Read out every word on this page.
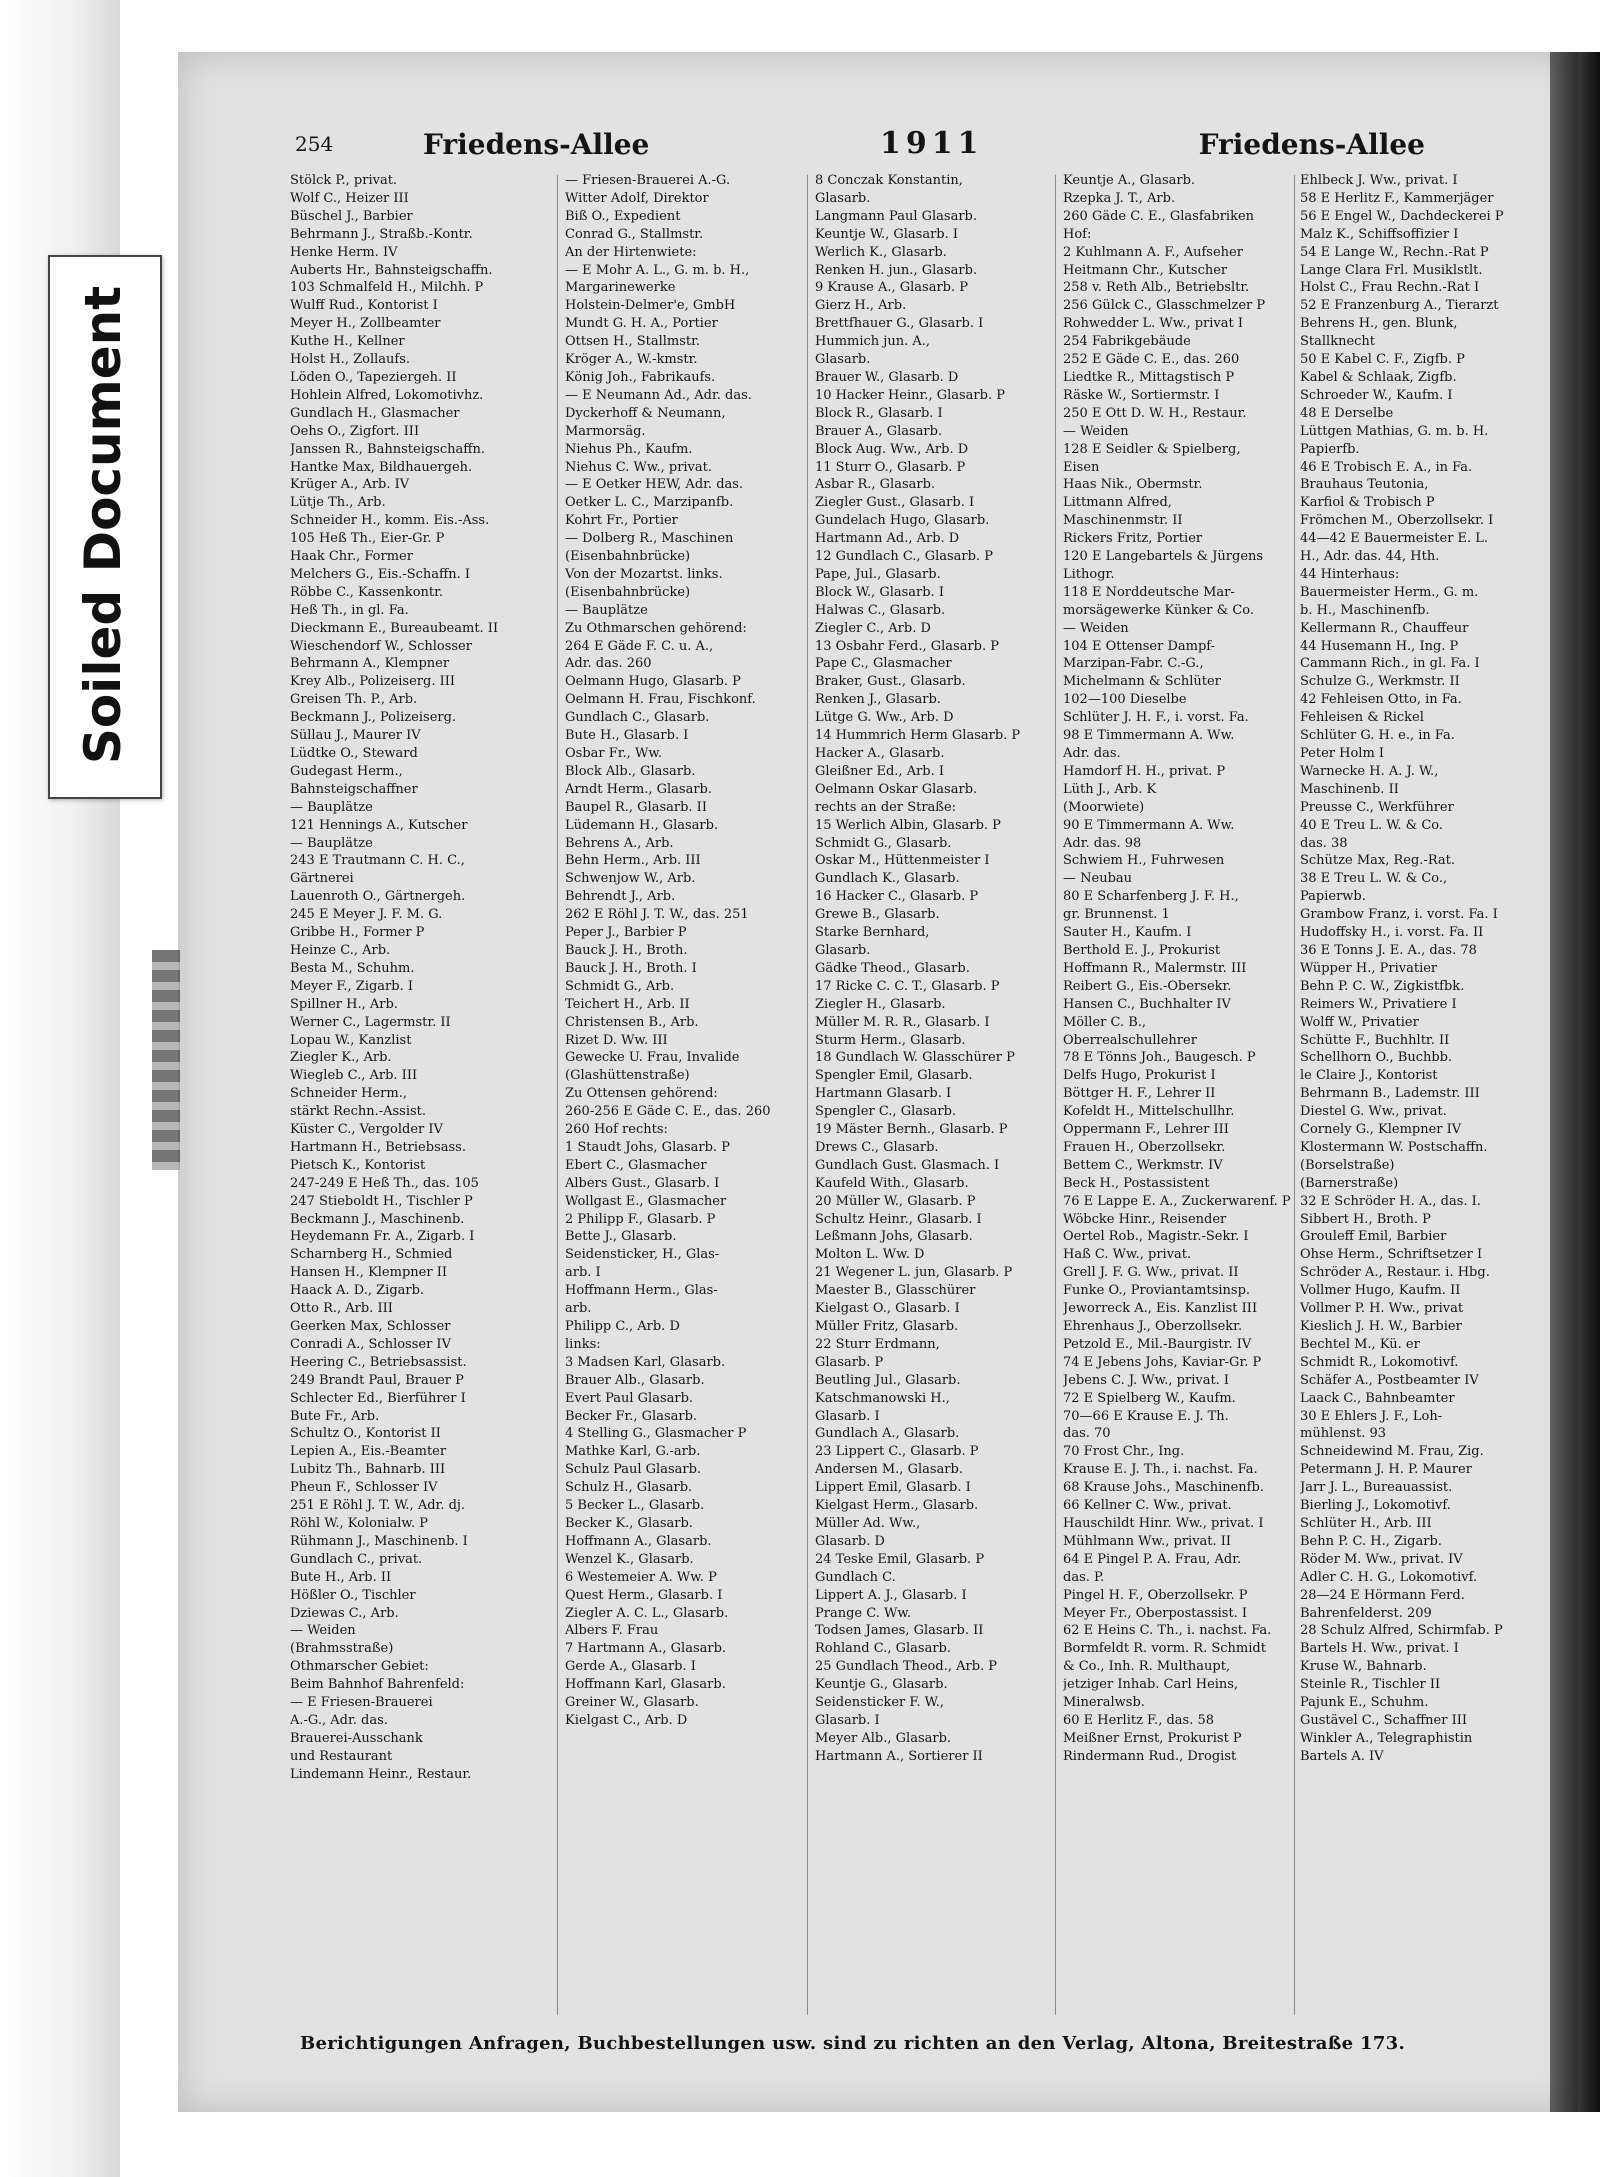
Soiled Document
254	Friedens-Allee	1911	Friedens-Allee
Stölck P., privat.
Wolf C., Heizer III
Büschel J., Barbier
Behrmann J., Straßb.-Kontr.
Henke Herm. IV
Auberts Hr., Bahnsteigschaffn.
103 Schmalfeld H., Milchh. P
Wulff Rud., Kontorist I
Meyer H., Zollbeamter
Kuthe H., Kellner
Holst H., Zollaufs.
Löden O., Tapeziergeh. II
Hohlein Alfred, Lokomotivhz.
Gundlach H., Glasmacher
Oehs O., Zigfort. III
Janssen R., Bahnsteigschaffn.
Hantke Max, Bildhauergeh.
Krüger A., Arb. IV
Lütje Th., Arb.
Schneider H., komm. Eis.-Ass.
105 Heß Th., Eier-Gr. P
Haak Chr., Former
Melchers G., Eis.-Schaffn. I
Röbbe C., Kassenkontr.
Heß Th., in gl. Fa.
Dieckmann E., Bureaubeamt. II
Wieschendorf W., Schlosser
Behrmann A., Klempner
Krey Alb., Polizeiserg. III
Greisen Th. P., Arb.
Beckmann J., Polizeiserg.
Süllau J., Maurer IV
Lüdtke O., Steward
Gudegast Herm.,
Bahnsteigschaffner
— Bauplätze
121 Hennings A., Kutscher
— Bauplätze
243 E Trautmann C. H. C.,
Gärtnerei
Lauenroth O., Gärtnergeh.
245 E Meyer J. F. M. G.
Gribbe H., Former P
Heinze C., Arb.
Besta M., Schuhm.
Meyer F., Zigarb. I
Spillner H., Arb.
Werner C., Lagermstr. II
Lopau W., Kanzlist
Ziegler K., Arb.
Wiegleb C., Arb. III
Schneider Herm.,
stärkt Rechn.-Assist.
Küster C., Vergolder IV
Hartmann H., Betriebsass.
Pietsch K., Kontorist
247-249 E Heß Th., das. 105
247 Stieboldt H., Tischler P
Beckmann J., Maschinenb.
Heydemann Fr. A., Zigarb. I
Scharnberg H., Schmied
Hansen H., Klempner II
Haack A. D., Zigarb.
Otto R., Arb. III
Geerken Max, Schlosser
Conradi A., Schlosser IV
Heering C., Betriebsassist.
249 Brandt Paul, Brauer P
Schlecter Ed., Bierführer I
Bute Fr., Arb.
Schultz O., Kontorist II
Lepien A., Eis.-Beamter
Lubitz Th., Bahnarb. III
Pheun F., Schlosser IV
251 E Röhl J. T. W., Adr. dj.
Röhl W., Kolonialw. P
Rühmann J., Maschinenb. I
Gundlach C., privat.
Bute H., Arb. II
Hößler O., Tischler
Dziewas C., Arb.
— Weiden
(Brahmsstraße)
Othmarscher Gebiet:
Beim Bahnhof Bahrenfeld:
— E Friesen-Brauerei
A.-G., Adr. das.
Brauerei-Ausschank
und Restaurant
Lindemann Heinr., Restaur.
— Friesen-Brauerei A.-G.
Witter Adolf, Direktor
Biß O., Expedient
Conrad G., Stallmstr.
An der Hirtenwiete:
— E Mohr A. L., G. m. b. H.,
Margarinewerke
Holstein-Delmer'e, GmbH
Mundt G. H. A., Portier
Ottsen H., Stallmstr.
Kröger A., W.-kmstr.
König Joh., Fabrikaufs.
— E Neumann Ad., Adr. das.
Dyckerhoff & Neumann,
Marmorsäg.
Niehus Ph., Kaufm.
Niehus C. Ww., privat.
— E Oetker HEW, Adr. das.
Oetker L. C., Marzipanfb.
Kohrt Fr., Portier
— Dolberg R., Maschinen
(Eisenbahnbrücke)
Von der Mozartst. links.
(Eisenbahnbrücke)
— Bauplätze
Zu Othmarschen gehörend:
264 E Gäde F. C. u. A.,
Adr. das. 260
Oelmann Hugo, Glasarb. P
Oelmann H. Frau, Fischkonf.
Gundlach C., Glasarb.
Bute H., Glasarb. I
Osbar Fr., Ww.
Block Alb., Glasarb.
Arndt Herm., Glasarb.
Baupel R., Glasarb. II
Lüdemann H., Glasarb.
Behrens A., Arb.
Behn Herm., Arb. III
Schwenjow W., Arb.
Behrendt J., Arb.
262 E Röhl J. T. W., das. 251
Peper J., Barbier P
Bauck J. H., Broth.
Bauck J. H., Broth. I
Schmidt G., Arb.
Teichert H., Arb. II
Christensen B., Arb.
Rizet D. Ww. III
Gewecke U. Frau, Invalide
(Glashüttenstraße)
Zu Ottensen gehörend:
260-256 E Gäde C. E., das. 260
260 Hof rechts:
1 Staudt Johs, Glasarb. P
Ebert C., Glasmacher
Albers Gust., Glasarb. I
Wollgast E., Glasmacher
2 Philipp F., Glasarb. P
Bette J., Glasarb.
Seidensticker, H., Glas-
arb. I
Hoffmann Herm., Glas-
arb.
Philipp C., Arb. D
links:
3 Madsen Karl, Glasarb.
Brauer Alb., Glasarb.
Evert Paul Glasarb.
Becker Fr., Glasarb.
4 Stelling G., Glasmacher P
Mathke Karl, G.-arb.
Schulz Paul Glasarb.
Schulz H., Glasarb.
5 Becker L., Glasarb.
Becker K., Glasarb.
Hoffmann A., Glasarb.
Wenzel K., Glasarb.
6 Westemeier A. Ww. P
Quest Herm., Glasarb. I
Ziegler A. C. L., Glasarb.
Albers F. Frau
7 Hartmann A., Glasarb.
Gerde A., Glasarb. I
Hoffmann Karl, Glasarb.
Greiner W., Glasarb.
Kielgast C., Arb. D
8 Conczak Konstantin,
Glasarb.
Langmann Paul Glasarb.
Keuntje W., Glasarb. I
Werlich K., Glasarb.
Renken H. jun., Glasarb.
9 Krause A., Glasarb. P
Gierz H., Arb.
Brettfhauer G., Glasarb. I
Hummich jun. A.,
Glasarb.
Brauer W., Glasarb. D
10 Hacker Heinr., Glasarb. P
Block R., Glasarb. I
Brauer A., Glasarb.
Block Aug. Ww., Arb. D
11 Sturr O., Glasarb. P
Asbar R., Glasarb.
Ziegler Gust., Glasarb. I
Gundelach Hugo, Glasarb.
Hartmann Ad., Arb. D
12 Gundlach C., Glasarb. P
Pape, Jul., Glasarb.
Block W., Glasarb. I
Halwas C., Glasarb.
Ziegler C., Arb. D
13 Osbahr Ferd., Glasarb. P
Pape C., Glasmacher
Braker, Gust., Glasarb.
Renken J., Glasarb.
Lütge G. Ww., Arb. D
14 Hummrich Herm Glasarb. P
Hacker A., Glasarb.
Gleißner Ed., Arb. I
Oelmann Oskar Glasarb.
rechts an der Straße:
15 Werlich Albin, Glasarb. P
Schmidt G., Glasarb.
Oskar M., Hüttenmeister I
Gundlach K., Glasarb.
16 Hacker C., Glasarb. P
Grewe B., Glasarb.
Starke Bernhard,
Glasarb.
Gädke Theod., Glasarb.
17 Ricke C. C. T., Glasarb. P
Ziegler H., Glasarb.
Müller M. R. R., Glasarb. I
Sturm Herm., Glasarb.
18 Gundlach W. Glasschürer P
Spengler Emil, Glasarb.
Hartmann Glasarb. I
Spengler C., Glasarb.
19 Mäster Bernh., Glasarb. P
Drews C., Glasarb.
Gundlach Gust. Glasmach. I
Kaufeld With., Glasarb.
20 Müller W., Glasarb. P
Schultz Heinr., Glasarb. I
Leßmann Johs, Glasarb.
Molton L. Ww. D
21 Wegener L. jun, Glasarb. P
Maester B., Glasschürer
Kielgast O., Glasarb. I
Müller Fritz, Glasarb.
22 Sturr Erdmann,
Glasarb. P
Beutling Jul., Glasarb.
Katschmanowski H.,
Glasarb. I
Gundlach A., Glasarb.
23 Lippert C., Glasarb. P
Andersen M., Glasarb.
Lippert Emil, Glasarb. I
Kielgast Herm., Glasarb.
Müller Ad. Ww.,
Glasarb. D
24 Teske Emil, Glasarb. P
Gundlach C.
Lippert A. J., Glasarb. I
Prange C. Ww.
Todsen James, Glasarb. II
Rohland C., Glasarb.
25 Gundlach Theod., Arb. P
Keuntje G., Glasarb.
Seidensticker F. W.,
Glasarb. I
Meyer Alb., Glasarb.
Hartmann A., Sortierer II
Keuntje A., Glasarb.
Rzepka J. T., Arb.
260 Gäde C. E., Glasfabriken
Hof:
2 Kuhlmann A. F., Aufseher
Heitmann Chr., Kutscher
258 v. Reth Alb., Betriebsltr.
256 Gülck C., Glasschmelzer P
Rohwedder L. Ww., privat I
254 Fabrikgebäude
252 E Gäde C. E., das. 260
Liedtke R., Mittagstisch P
Räske W., Sortiermstr. I
250 E Ott D. W. H., Restaur.
— Weiden
128 E Seidler & Spielberg,
Eisen
Haas Nik., Obermstr.
Littmann Alfred,
Maschinenmstr. II
Rickers Fritz, Portier
120 E Langebartels & Jürgens
Lithogr.
118 E Norddeutsche Mar-
morsägewerke Künker & Co.
— Weiden
104 E Ottenser Dampf-
Marzipan-Fabr. C.-G.,
Michelmann & Schlüter
102—100 Dieselbe
Schlüter J. H. F., i. vorst. Fa.
98 E Timmermann A. Ww.
Adr. das.
Hamdorf H. H., privat. P
Lüth J., Arb. K
(Moorwiete)
90 E Timmermann A. Ww.
Adr. das. 98
Schwiem H., Fuhrwesen
— Neubau
80 E Scharfenberg J. F. H.,
gr. Brunnenst. 1
Sauter H., Kaufm. I
Berthold E. J., Prokurist
Hoffmann R., Malermstr. III
Reibert G., Eis.-Obersekr.
Hansen C., Buchhalter IV
Möller C. B.,
Oberrealschullehrer
78 E Tönns Joh., Baugesch. P
Delfs Hugo, Prokurist I
Böttger H. F., Lehrer II
Kofeldt H., Mittelschullhr.
Oppermann F., Lehrer III
Frauen H., Oberzollsekr.
Bettem C., Werkmstr. IV
Beck H., Postassistent
76 E Lappe E. A., Zuckerwarenf. P
Wöbcke Hinr., Reisender
Oertel Rob., Magistr.-Sekr. I
Haß C. Ww., privat.
Grell J. F. G. Ww., privat. II
Funke O., Proviantamtsinsp.
Jeworreck A., Eis. Kanzlist III
Ehrenhaus J., Oberzollsekr.
Petzold E., Mil.-Baurgistr. IV
74 E Jebens Johs, Kaviar-Gr. P
Jebens C. J. Ww., privat. I
72 E Spielberg W., Kaufm.
70—66 E Krause E. J. Th.
das. 70
70 Frost Chr., Ing.
Krause E. J. Th., i. nachst. Fa.
68 Krause Johs., Maschinenfb.
66 Kellner C. Ww., privat.
Hauschildt Hinr. Ww., privat. I
Mühlmann Ww., privat. II
64 E Pingel P. A. Frau, Adr.
das. P.
Pingel H. F., Oberzollsekr. P
Meyer Fr., Oberpostassist. I
62 E Heins C. Th., i. nachst. Fa.
Bormfeldt R. vorm. R. Schmidt
& Co., Inh. R. Multhaupt,
jetziger Inhab. Carl Heins,
Mineralwsb.
60 E Herlitz F., das. 58
Meißner Ernst, Prokurist P
Rindermann Rud., Drogist
Ehlbeck J. Ww., privat. I
58 E Herlitz F., Kammerjäger
56 E Engel W., Dachdeckerei P
Malz K., Schiffsoffizier I
54 E Lange W., Rechn.-Rat P
Lange Clara Frl. Musiklstlt.
Holst C., Frau Rechn.-Rat I
52 E Franzenburg A., Tierarzt
Behrens H., gen. Blunk,
Stallknecht
50 E Kabel C. F., Zigfb. P
Kabel & Schlaak, Zigfb.
Schroeder W., Kaufm. I
48 E Derselbe
Lüttgen Mathias, G. m. b. H.
Papierfb.
46 E Trobisch E. A., in Fa.
Brauhaus Teutonia,
Karfiol & Trobisch P
Frömchen M., Oberzollsekr. I
44—42 E Bauermeister E. L.
H., Adr. das. 44, Hth.
44 Hinterhaus:
Bauermeister Herm., G. m.
b. H., Maschinenfb.
Kellermann R., Chauffeur
44 Husemann H., Ing. P
Cammann Rich., in gl. Fa. I
Schulze G., Werkmstr. II
42 Fehleisen Otto, in Fa.
Fehleisen & Rickel
Schlüter G. H. e., in Fa.
Peter Holm I
Warnecke H. A. J. W.,
Maschinenb. II
Preusse C., Werkführer
40 E Treu L. W. & Co.
das. 38
Schütze Max, Reg.-Rat.
38 E Treu L. W. & Co.,
Papierwb.
Grambow Franz, i. vorst. Fa. I
Hudoffsky H., i. vorst. Fa. II
36 E Tonns J. E. A., das. 78
Wüpper H., Privatier
Behn P. C. W., Zigkistfbk.
Reimers W., Privatiere I
Wolff W., Privatier
Schütte F., Buchhltr. II
Schellhorn O., Buchbb.
le Claire J., Kontorist
Behrmann B., Lademstr. III
Diestel G. Ww., privat.
Cornely G., Klempner IV
Klostermann W. Postschaffn.
(Borselstraße)
(Barnerstraße)
32 E Schröder H. A., das. I.
Sibbert H., Broth. P
Grouleff Emil, Barbier
Ohse Herm., Schriftsetzer I
Schröder A., Restaur. i. Hbg.
Vollmer Hugo, Kaufm. II
Vollmer P. H. Ww., privat
Kieslich J. H. W., Barbier
Bechtel M., Kü. er
Schmidt R., Lokomotivf.
Schäfer A., Postbeamter IV
Laack C., Bahnbeamter
30 E Ehlers J. F., Loh-
mühlenst. 93
Schneidewind M. Frau, Zig.
Petermann J. H. P. Maurer
Jarr J. L., Bureauassist.
Bierling J., Lokomotivf.
Schlüter H., Arb. III
Behn P. C. H., Zigarb.
Röder M. Ww., privat. IV
Adler C. H. G., Lokomotivf.
28—24 E Hörmann Ferd.
Bahrenfelderst. 209
28 Schulz Alfred, Schirmfab. P
Bartels H. Ww., privat. I
Kruse W., Bahnarb.
Steinle R., Tischler II
Pajunk E., Schuhm.
Gustävel C., Schaffner III
Winkler A., Telegraphistin
Bartels A. IV
Berichtigungen Anfragen, Buchbestellungen usw. sind zu richten an den Verlag, Altona, Breitestraße 173.
